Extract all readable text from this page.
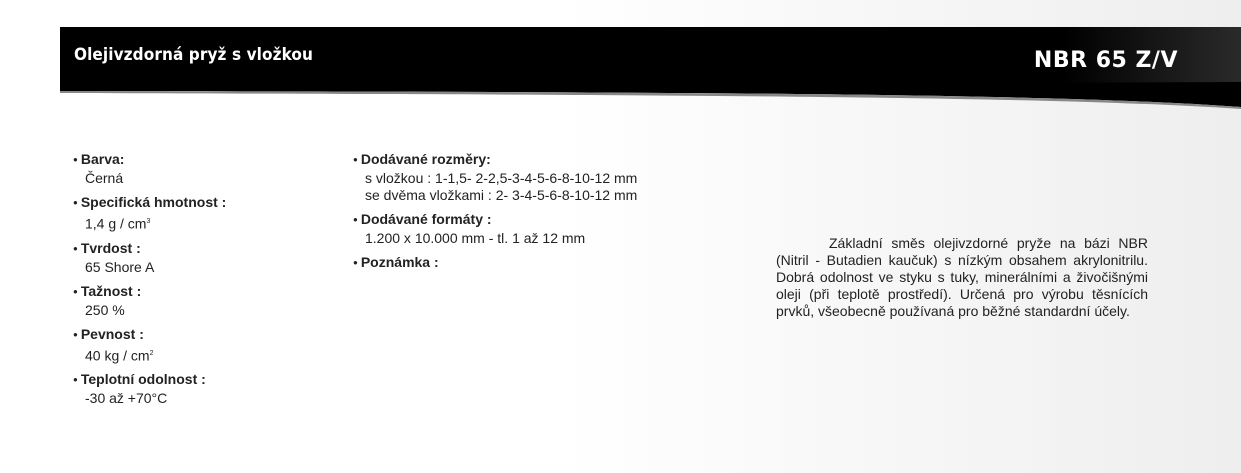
Olejivzdorná pryž s vložkou	NBR 65 Z/V
● Barva:
Černá
● Specifická hmotnost :
1,4 g / $cm^3$
● Tvrdost :
65 Shore A
● Tažnost :
250 %
● Pevnost :
40 kg / $cm^2$
● Teplotní odolnost :
-30 až +70°C
● Dodávané rozměry:
s vložkou : 1-1,5- 2-2,5-3-4-5-6-8-10-12 mm
se dvěma vložkami : 2- 3-4-5-6-8-10-12 mm
● Dodávané formáty :
1.200 x 10.000 mm - tl. 1 až 12 mm
● Poznámka :
Základní směs olejivzdorné pryže na bázi NBR (Nitril - Butadien kaučuk) s nízkým obsahem akrylonitrilu. Dobrá odolnost ve styku s tuky, minerálními a živočišnými oleji (při teplotě prostředí). Určená pro výrobu těsnících prvků, všeobecně používaná pro běžné standardní účely.
